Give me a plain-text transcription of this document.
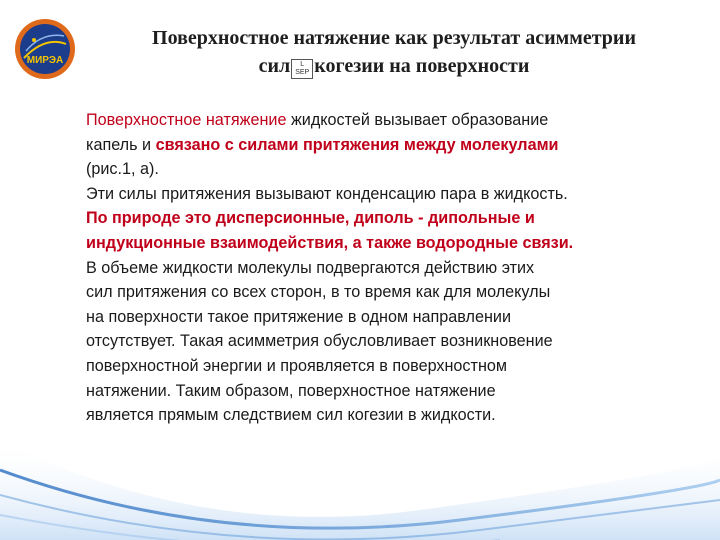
МИРЭА
Поверхностное натяжение как результат асимметрии
сил L
SEP когезии на поверхности
Поверхностное натяжение жидкостей вызывает образование
капель и связано с силами притяжения между молекулами
(рис.1, а).
Эти силы притяжения вызывают конденсацию пара в жидкость.
По природе это дисперсионные, диполь - дипольные и
индукционные взаимодействия, а также водородные связи.
В объеме жидкости молекулы подвергаются действию этих
сил притяжения со всех сторон, в то время как для молекулы
на поверхности такое притяжение в одном направлении
отсутствует. Такая асимметрия обусловливает возникновение
поверхностной энергии и проявляется в поверхностном
натяжении. Таким образом, поверхностное натяжение
является прямым следствием сил когезии в жидкости.
